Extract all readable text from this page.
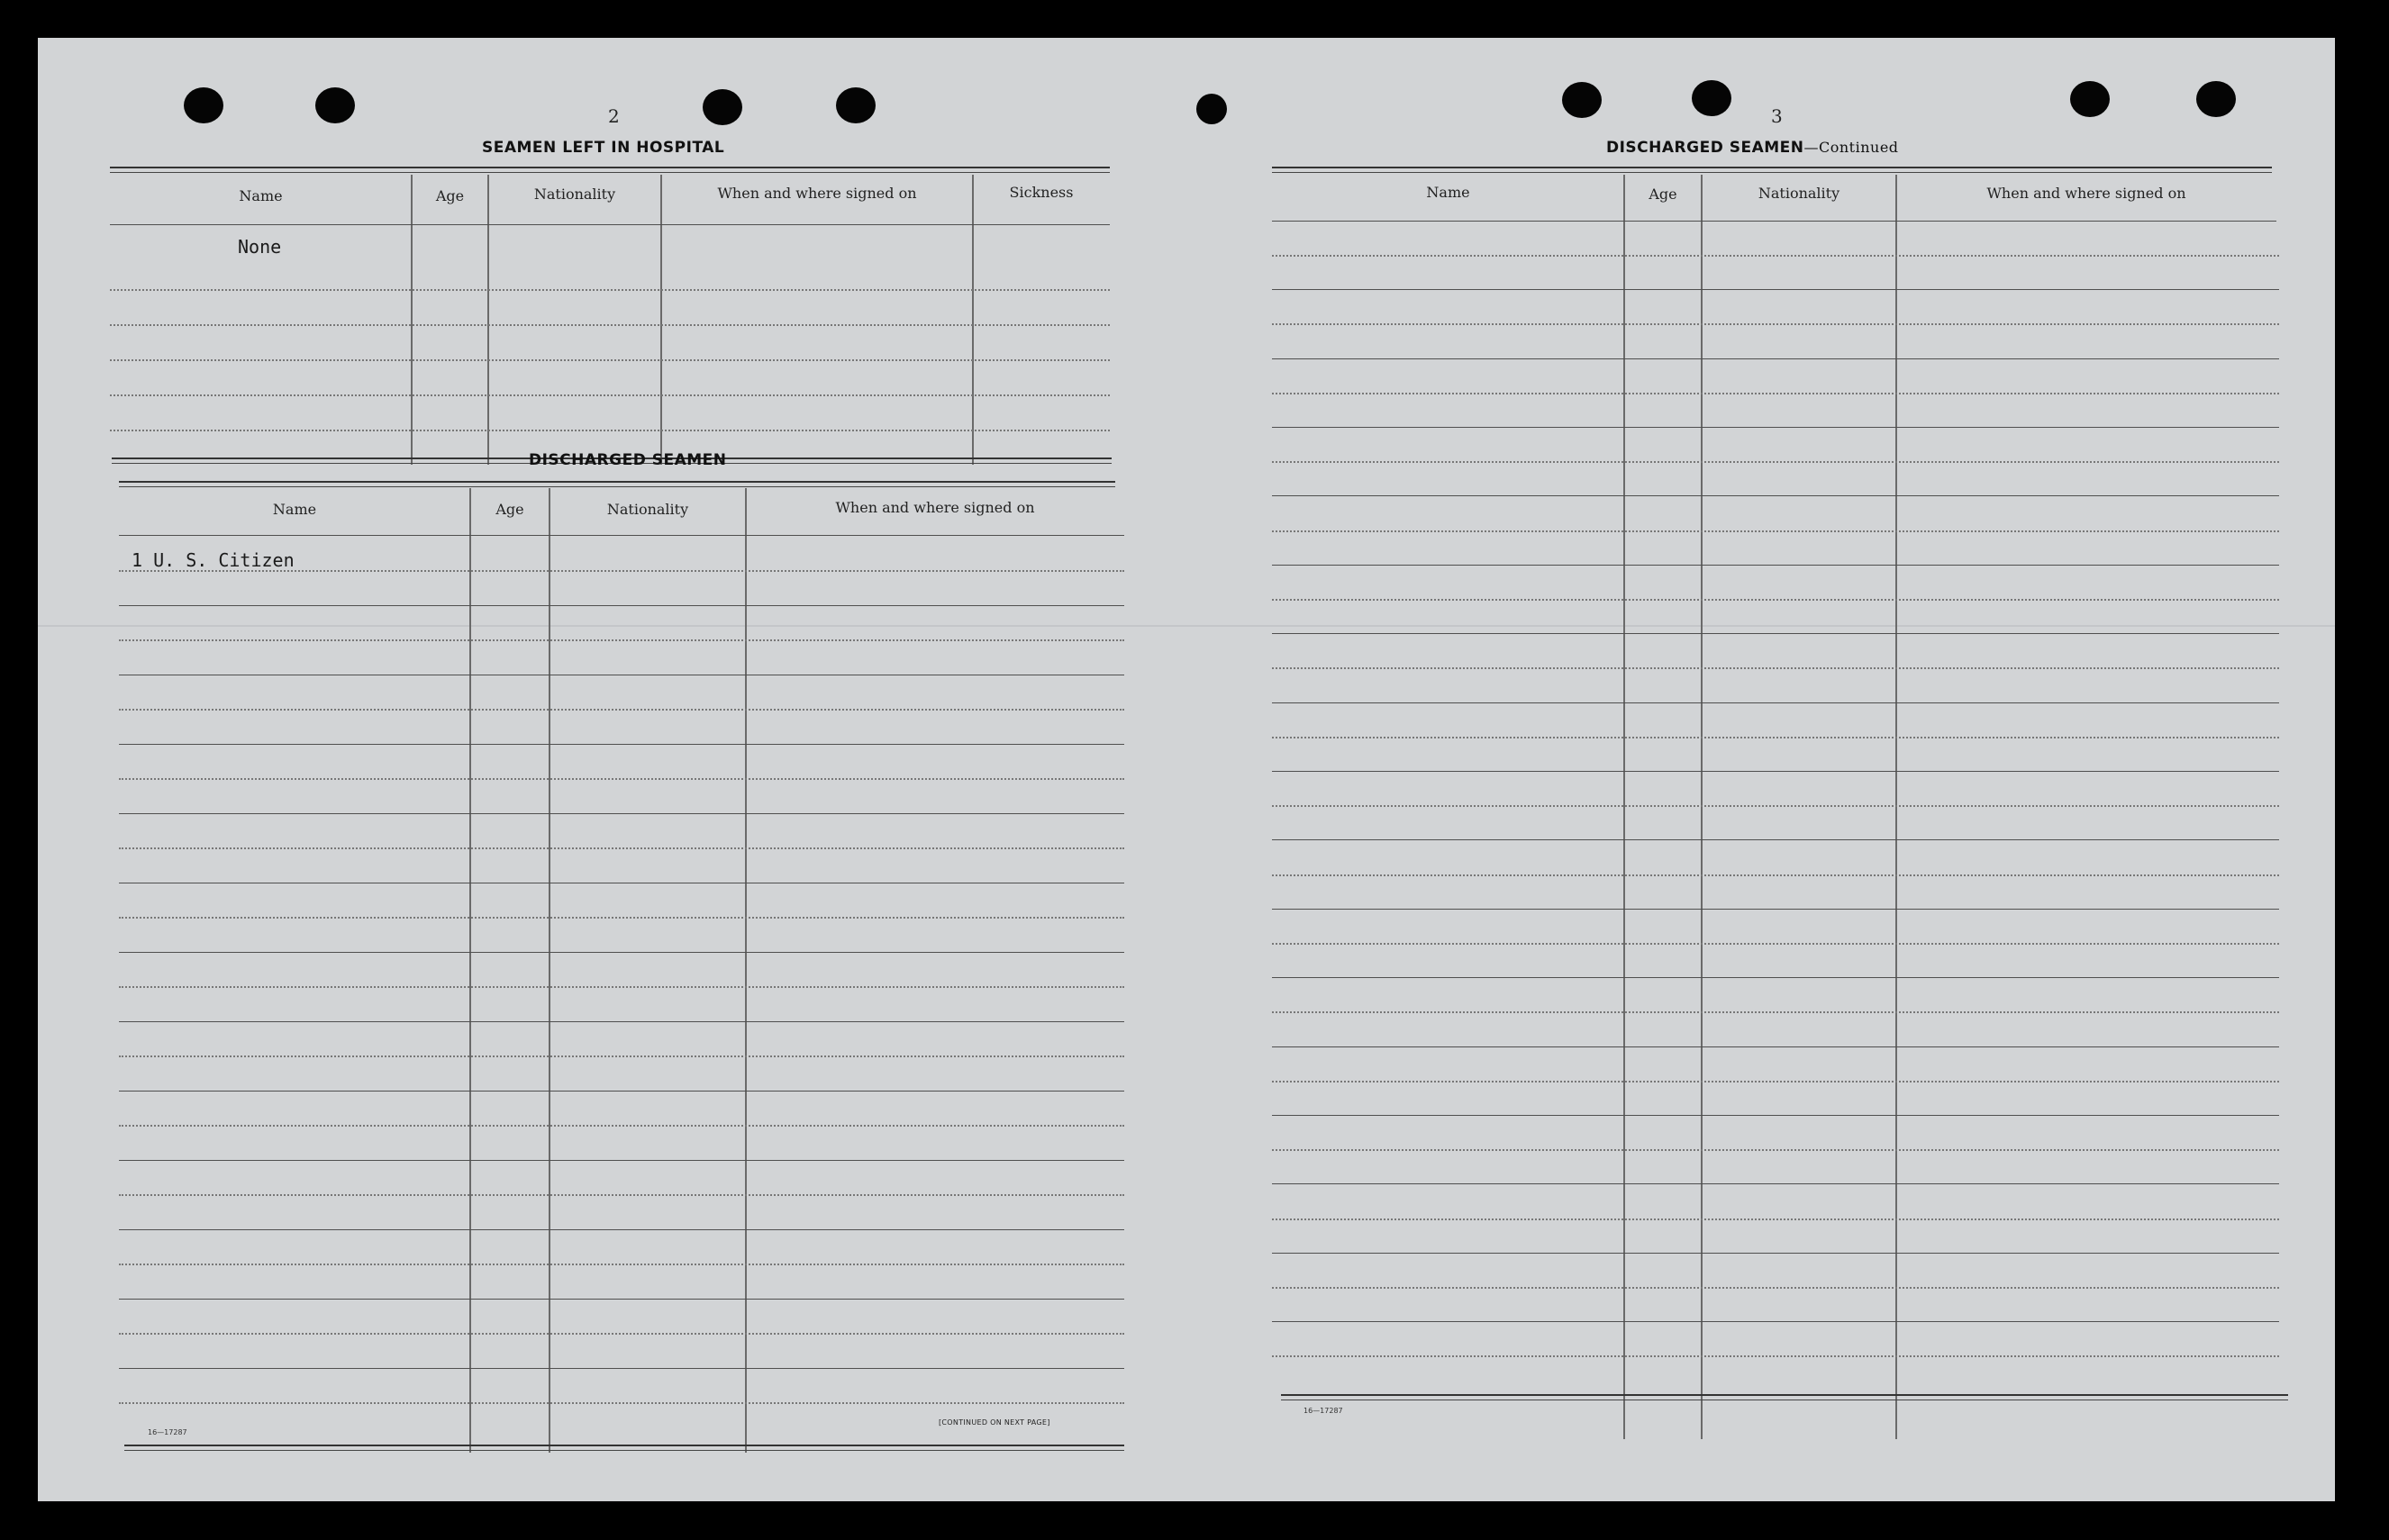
2
SEAMEN LEFT IN HOSPITAL
Name	Age	Nationality	When and where signed on	Sickness
None
DISCHARGED SEAMEN
Name	Age	Nationality	When and where signed on
1 U. S. Citizen
16—17287
[CONTINUED ON NEXT PAGE]
3
DISCHARGED SEAMEN—Continued
Name	Age	Nationality	When and where signed on
16—17287
